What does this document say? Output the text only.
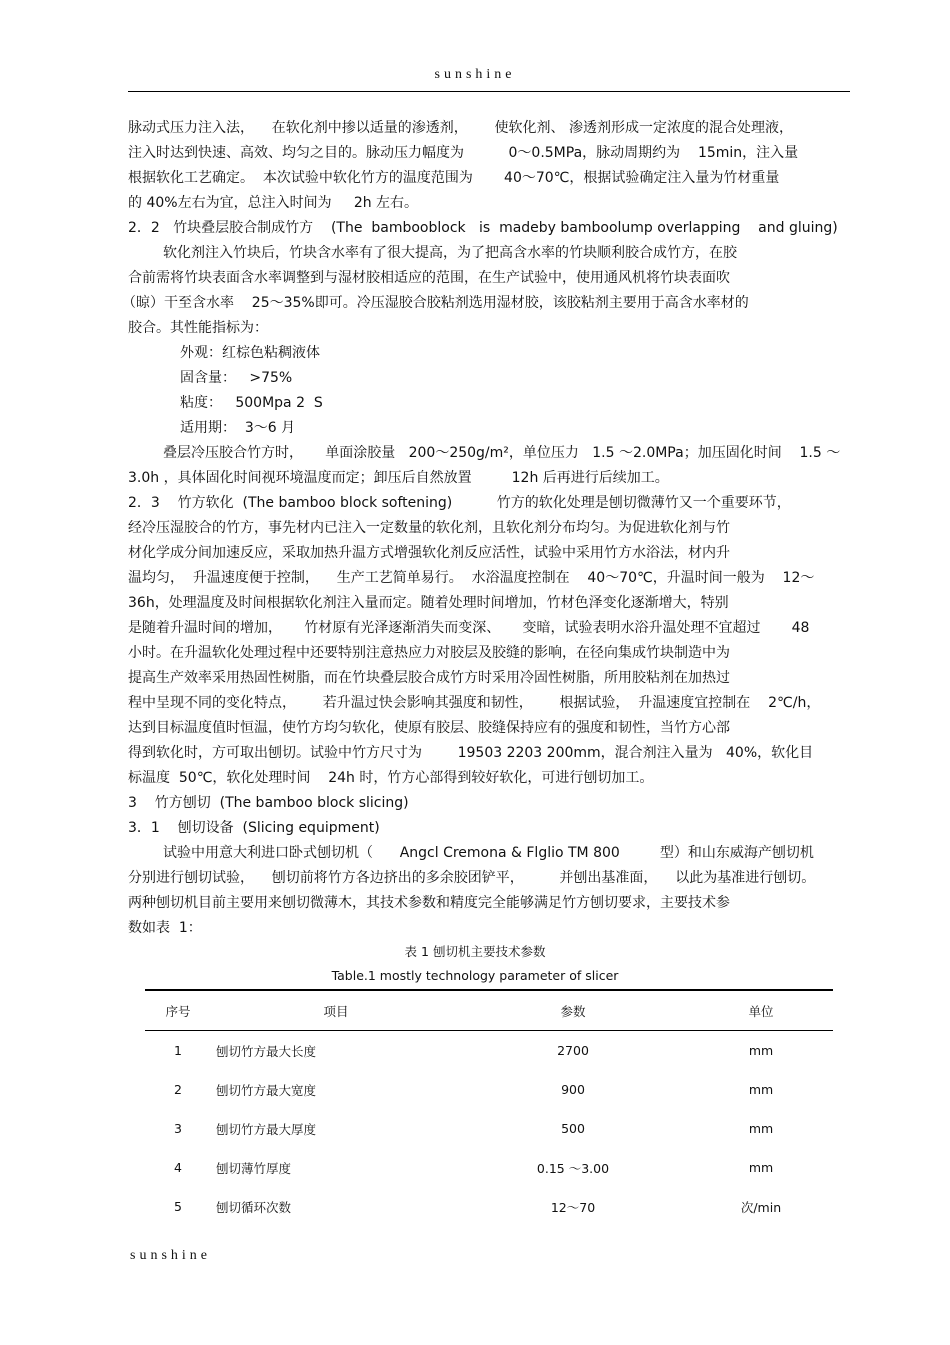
sunshine
脉动式压力注入法，    在软化剂中掺以适量的渗透剂，      使软化剂、 渗透剂形成一定浓度的混合处理液，
注入时达到快速、高效、均匀之目的。脉动压力幅度为          0～0.5MPa，脉动周期约为    15min，注入量
根据软化工艺确定。  本次试验中软化竹方的温度范围为       40～70℃，根据试验确定注入量为竹材重量
的 40%左右为宜，总注入时间为     2h 左右。
2．2   竹块叠层胶合制成竹方    (The  bambooblock   is  madeby bamboolump overlapping    and gluing)
软化剂注入竹块后，竹块含水率有了很大提高，为了把高含水率的竹块顺利胶合成竹方，在胶
合前需将竹块表面含水率调整到与湿材胶相适应的范围，在生产试验中，使用通风机将竹块表面吹
（晾）干至含水率    25～35%即可。冷压湿胶合胶粘剂选用湿材胶，该胶粘剂主要用于高含水率材的
胶合。其性能指标为：
外观：红棕色粘稠液体
固含量：   >75%
粘度：   500Mpa 2  S
适用期：  3～6 月
叠层冷压胶合竹方时，     单面涂胶量   200～250g/m²，单位压力   1.5 ～2.0MPa；加压固化时间    1.5 ～
3.0h ，具体固化时间视环境温度而定；卸压后自然放置         12h 后再进行后续加工。
2．3    竹方软化  (The bamboo block softening)          竹方的软化处理是刨切微薄竹又一个重要环节，
经冷压湿胶合的竹方，事先材内已注入一定数量的软化剂，且软化剂分布均匀。为促进软化剂与竹
材化学成分间加速反应，采取加热升温方式增强软化剂反应活性，试验中采用竹方水浴法，材内升
温均匀，  升温速度便于控制，    生产工艺简单易行。  水浴温度控制在    40～70℃，升温时间一般为    12～
36h，处理温度及时间根据软化剂注入量而定。随着处理时间增加，竹材色泽变化逐渐增大，特别
是随着升温时间的增加，     竹材原有光泽逐渐消失而变深、     变暗，试验表明水浴升温处理不宜超过       48
小时。在升温软化处理过程中还要特别注意热应力对胶层及胶缝的影响，在径向集成竹块制造中为
提高生产效率采用热固性树脂，而在竹块叠层胶合成竹方时采用冷固性树脂，所用胶粘剂在加热过
程中呈现不同的变化特点，      若升温过快会影响其强度和韧性，      根据试验，  升温速度宜控制在    2℃/h，
达到目标温度值时恒温，使竹方均匀软化，使原有胶层、胶缝保持应有的强度和韧性，当竹方心部
得到软化时，方可取出刨切。试验中竹方尺寸为        19503 2203 200mm，混合剂注入量为   40%，软化目
标温度  50℃，软化处理时间    24h 时，竹方心部得到较好软化，可进行刨切加工。
3    竹方刨切  (The bamboo block slicing)
3．1    刨切设备  (Slicing equipment)
试验中用意大利进口卧式刨切机（      Angcl Cremona & Flglio TM 800         型）和山东威海产刨切机
分别进行刨切试验，    刨切前将竹方各边挤出的多余胶团铲平，        并刨出基准面，    以此为基准进行刨切。
两种刨切机目前主要用来刨切微薄木，其技术参数和精度完全能够满足竹方刨切要求，主要技术参
数如表  1：
表 1 刨切机主要技术参数
Table.1 mostly technology parameter of slicer
序号	项目	参数	单位
1	刨切竹方最大长度	2700	mm
2	刨切竹方最大宽度	900	mm
3	刨切竹方最大厚度	500	mm
4	刨切薄竹厚度	0.15 ～3.00	mm
5	刨切循环次数	12～70	次/min
sunshine
